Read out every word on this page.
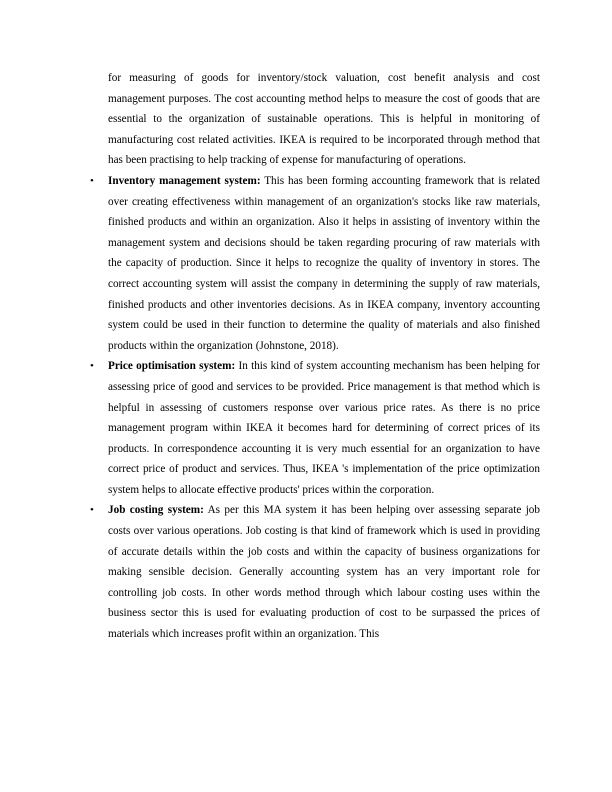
for measuring of goods for inventory/stock valuation, cost benefit analysis and cost management purposes. The cost accounting method helps to measure the cost of goods that are essential to the organization of sustainable operations. This is helpful in monitoring of manufacturing cost related activities. IKEA is required to be incorporated through method that has been practising to help tracking of expense for manufacturing of operations.

• Inventory management system: This has been forming accounting framework that is related over creating effectiveness within management of an organization's stocks like raw materials, finished products and within an organization. Also it helps in assisting of inventory within the management system and decisions should be taken regarding procuring of raw materials with the capacity of production. Since it helps to recognize the quality of inventory in stores. The correct accounting system will assist the company in determining the supply of raw materials, finished products and other inventories decisions. As in IKEA company, inventory accounting system could be used in their function to determine the quality of materials and also finished products within the organization (Johnstone, 2018).

• Price optimisation system: In this kind of system accounting mechanism has been helping for assessing price of good and services to be provided. Price management is that method which is helpful in assessing of customers response over various price rates. As there is no price management program within IKEA it becomes hard for determining of correct prices of its products. In correspondence accounting it is very much essential for an organization to have correct price of product and services. Thus, IKEA 's implementation of the price optimization system helps to allocate effective products' prices within the corporation.

• Job costing system: As per this MA system it has been helping over assessing separate job costs over various operations. Job costing is that kind of framework which is used in providing of accurate details within the job costs and within the capacity of business organizations for making sensible decision. Generally accounting system has an very important role for controlling job costs. In other words method through which labour costing uses within the business sector this is used for evaluating production of cost to be surpassed the prices of materials which increases profit within an organization. This
